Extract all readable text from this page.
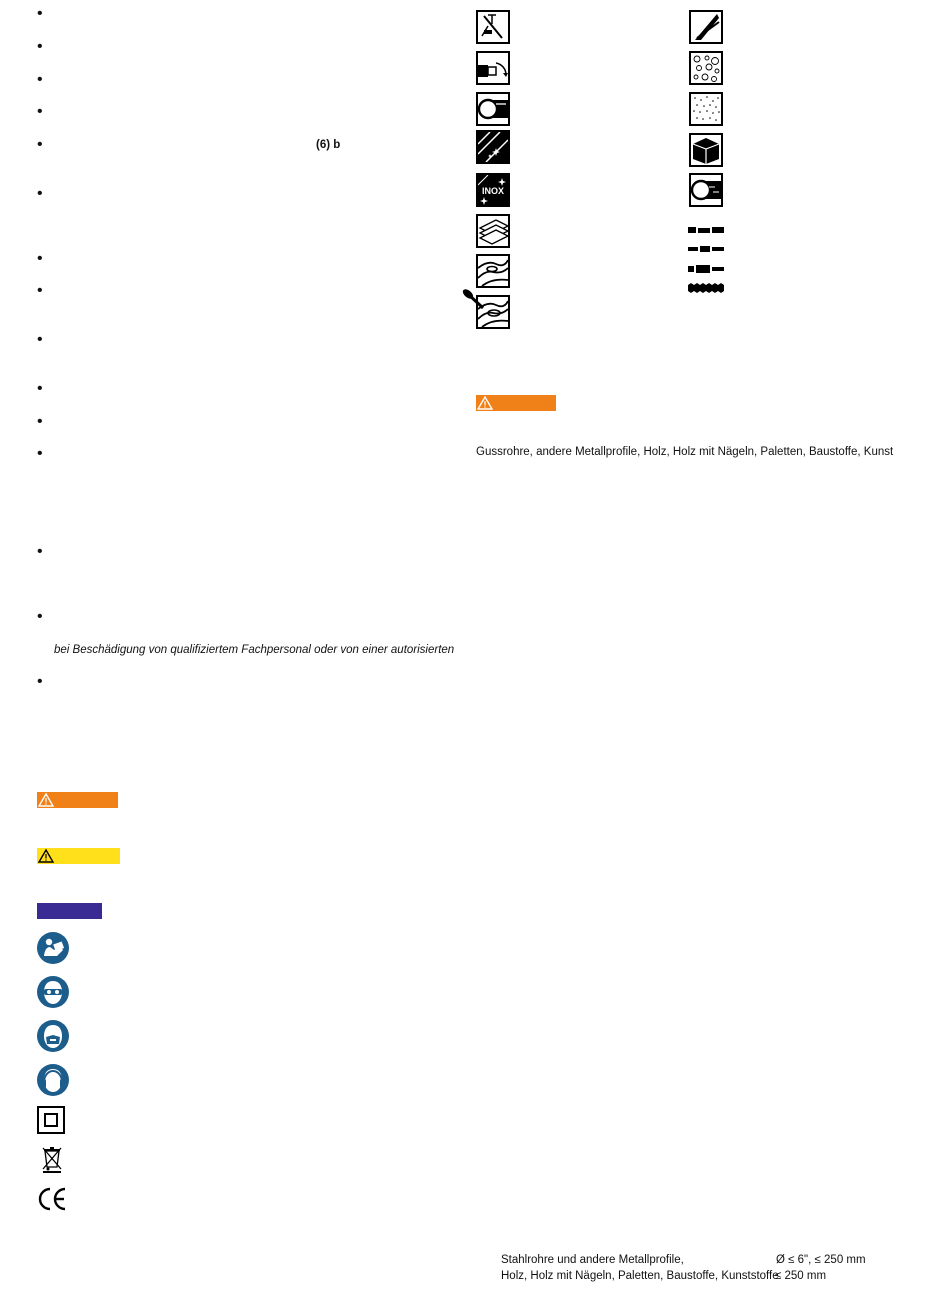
•
•
•
•
•
(6) b
•
•
•
•
•
•
•
•
•
bei Beschädigung von qualifiziertem Fachpersonal oder von einer autorisierten
•
INOX
Gussrohre, andere Metallprofile, Holz, Holz mit Nägeln, Paletten, Baustoffe, Kunst
Stahlrohre und andere Metallprofile,	Ø ≤ 6", ≤ 250 mm
Holz, Holz mit Nägeln, Paletten, Baustoffe, Kunststoffe
≤ 250 mm
